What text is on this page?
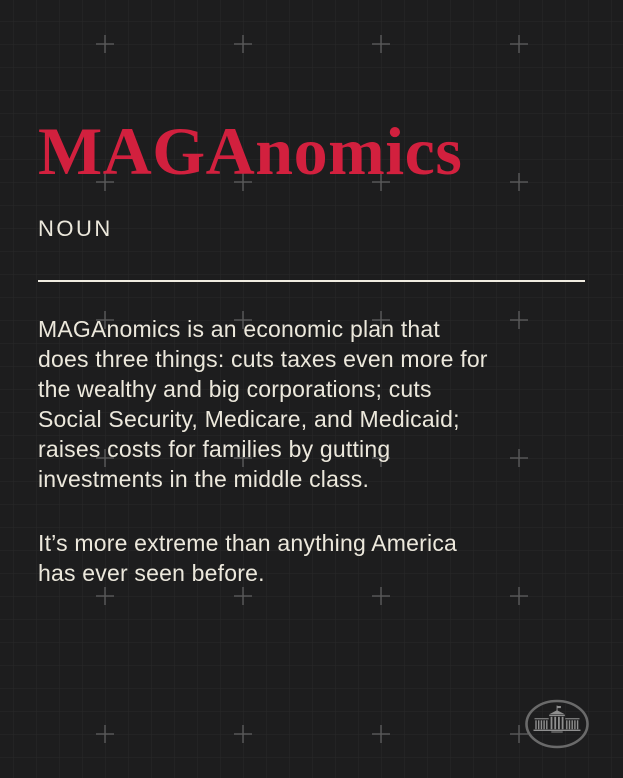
MAGAnomics
NOUN
MAGAnomics is an economic plan that
does three things: cuts taxes even more for
the wealthy and big corporations; cuts
Social Security, Medicare, and Medicaid;
raises costs for families by gutting
investments in the middle class.
It’s more extreme than anything America
has ever seen before.
